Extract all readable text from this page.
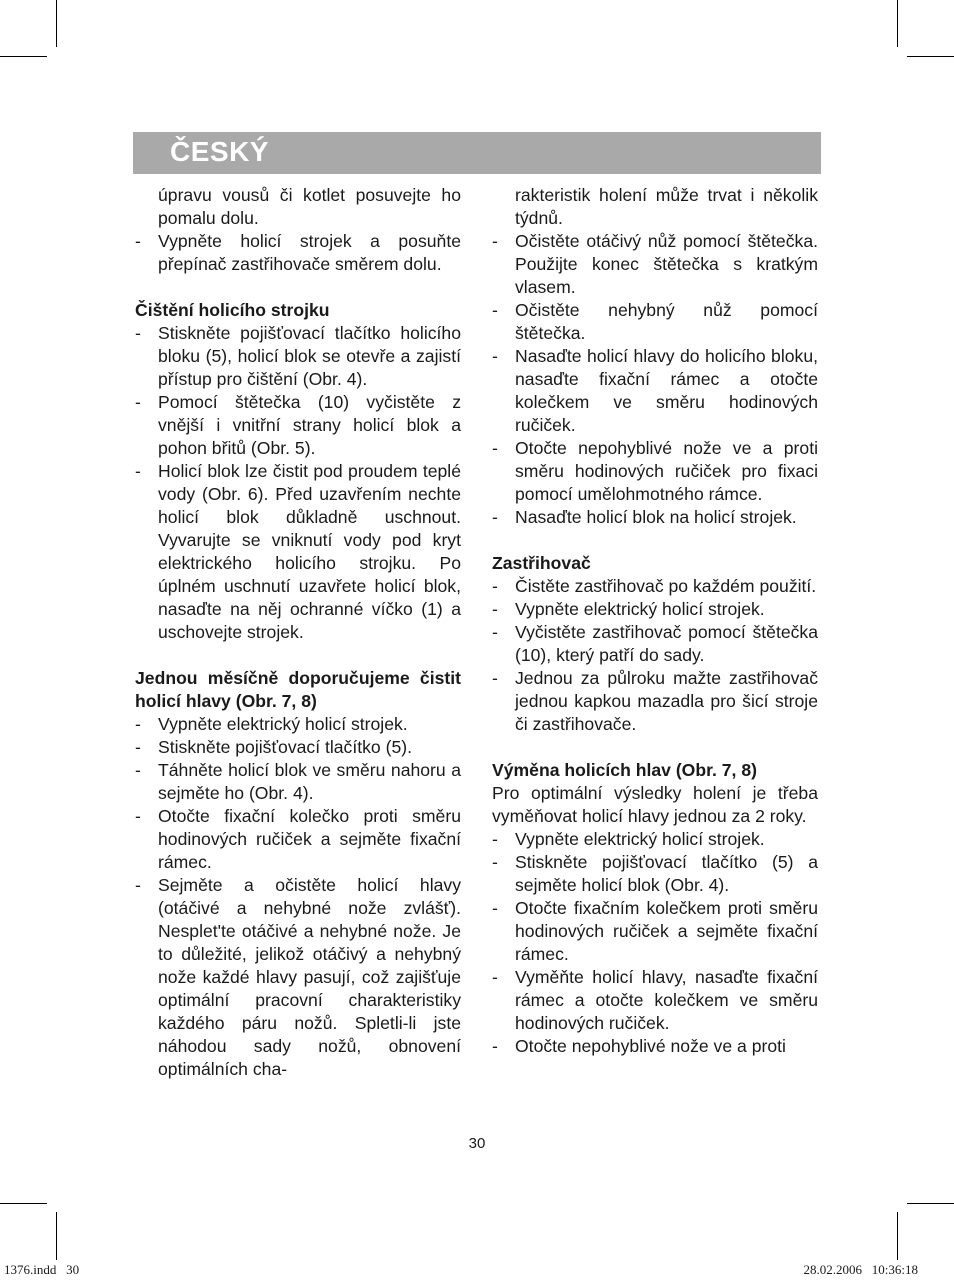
ČESKÝ

úpravu vousů či kotlet posuvejte ho pomalu dolu.

- Vypněte holicí strojek a posuňte přepínač zastřihovače směrem dolu.

Čištění holicího strojku
- Stiskněte pojišťovací tlačítko holicího bloku (5), holicí blok se otevře a zajistí přístup pro čištění (Obr. 4).

- Pomocí štětečka (10) vyčistěte z vnější i vnitřní strany holicí blok a pohon břitů (Obr. 5).

- Holicí blok lze čistit pod proudem teplé vody (Obr. 6). Před uzavřením nechte holicí blok důkladně uschnout. Vyvarujte se vniknutí vody pod kryt elektrického holicího strojku. Po úplném uschnutí uzavřete holicí blok, nasaďte na něj ochranné víčko (1) a uschovejte strojek.

Jednou měsíčně doporučujeme čistit holicí hlavy (Obr. 7, 8)
- Vypněte elektrický holicí strojek.

- Stiskněte pojišťovací tlačítko (5).

- Táhněte holicí blok ve směru nahoru a sejměte ho (Obr. 4).

- Otočte fixační kolečko proti směru hodinových ručiček a sejměte fixační rámec.

- Sejměte a očistěte holicí hlavy (otáčivé a nehybné nože zvlášť). Nesplet'te otáčivé a nehybné nože. Je to důležité, jelikož otáčivý a nehybný nože každé hlavy pasují, což zajišťuje optimální pracovní charakteristiky každého páru nožů. Spletli-li jste náhodou sady nožů, obnovení optimálních cha-

rakteristik holení může trvat i několik týdnů.

- Očistěte otáčivý nůž pomocí štětečka. Použijte konec štětečka s kratkým vlasem.

- Očistěte nehybný nůž pomocí štětečka.

- Nasaďte holicí hlavy do holicího bloku, nasaďte fixační rámec a otočte kolečkem ve směru hodinových ručiček.

- Otočte nepohyblivé nože ve a proti směru hodinových ručiček pro fixaci pomocí umělohmotného rámce.

- Nasaďte holicí blok na holicí strojek.

Zastřihovač
- Čistěte zastřihovač po každém použití.

- Vypněte elektrický holicí strojek.

- Vyčistěte zastřihovač pomocí štětečka (10), který patří do sady.

- Jednou za půlroku mažte zastřihovač jednou kapkou mazadla pro šicí stroje či zastřihovače.

Výměna holicích hlav (Obr. 7, 8)

Pro optimální výsledky holení je třeba vyměňovat holicí hlavy jednou za 2 roky.

- Vypněte elektrický holicí strojek.

- Stiskněte pojišťovací tlačítko (5) a sejměte holicí blok (Obr. 4).

- Otočte fixačním kolečkem proti směru hodinových ručiček a sejměte fixační rámec.

- Vyměňte holicí hlavy, nasaďte fixační rámec a otočte kolečkem ve směru hodinových ručiček.

- Otočte nepohyblivé nože ve a proti

30
1376.indd   30	28.02.2006   10:36:18
